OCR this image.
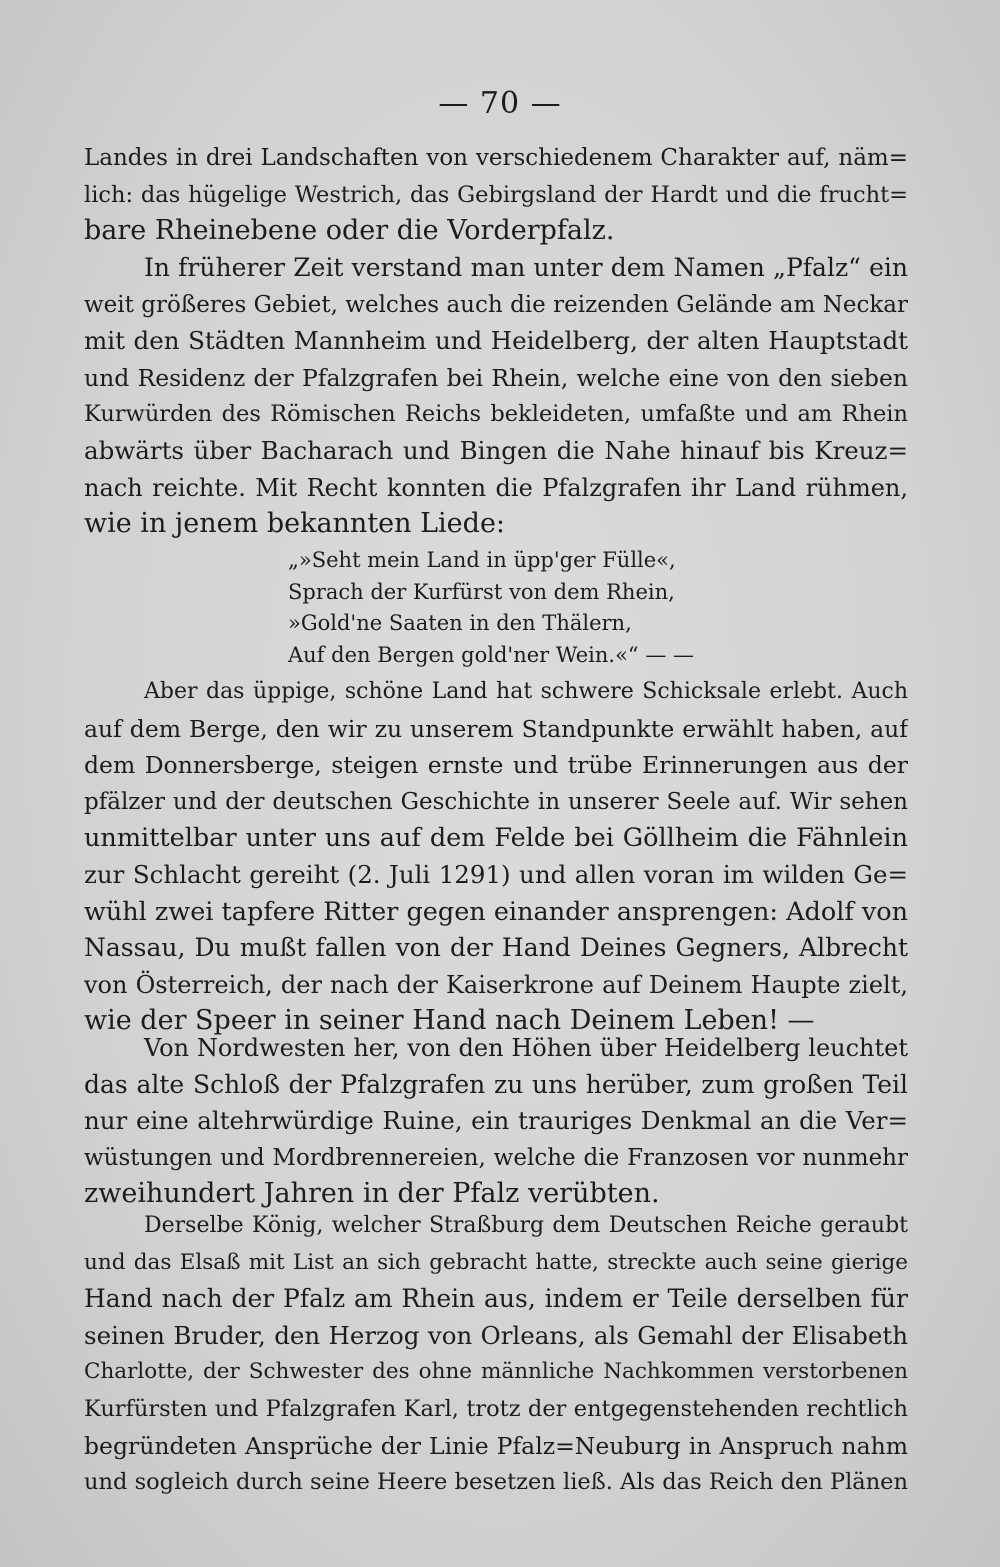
— 70 —
Landes in drei Landschaften von verschiedenem Charakter auf, näm=
lich: das hügelige Westrich, das Gebirgsland der Hardt und die frucht=
bare Rheinebene oder die Vorderpfalz.
In früherer Zeit verstand man unter dem Namen „Pfalz“ ein
weit größeres Gebiet, welches auch die reizenden Gelände am Neckar
mit den Städten Mannheim und Heidelberg, der alten Hauptstadt
und Residenz der Pfalzgrafen bei Rhein, welche eine von den sieben
Kurwürden des Römischen Reichs bekleideten, umfaßte und am Rhein
abwärts über Bacharach und Bingen die Nahe hinauf bis Kreuz=
nach reichte. Mit Recht konnten die Pfalzgrafen ihr Land rühmen,
wie in jenem bekannten Liede:
„»Seht mein Land in üpp'ger Fülle«,
Sprach der Kurfürst von dem Rhein,
»Gold'ne Saaten in den Thälern,
Auf den Bergen gold'ner Wein.«“ — —
Aber das üppige, schöne Land hat schwere Schicksale erlebt. Auch
auf dem Berge, den wir zu unserem Standpunkte erwählt haben, auf
dem Donnersberge, steigen ernste und trübe Erinnerungen aus der
pfälzer und der deutschen Geschichte in unserer Seele auf. Wir sehen
unmittelbar unter uns auf dem Felde bei Göllheim die Fähnlein
zur Schlacht gereiht (2. Juli 1291) und allen voran im wilden Ge=
wühl zwei tapfere Ritter gegen einander ansprengen: Adolf von
Nassau, Du mußt fallen von der Hand Deines Gegners, Albrecht
von Österreich, der nach der Kaiserkrone auf Deinem Haupte zielt,
wie der Speer in seiner Hand nach Deinem Leben! —
Von Nordwesten her, von den Höhen über Heidelberg leuchtet
das alte Schloß der Pfalzgrafen zu uns herüber, zum großen Teil
nur eine altehrwürdige Ruine, ein trauriges Denkmal an die Ver=
wüstungen und Mordbrennereien, welche die Franzosen vor nunmehr
zweihundert Jahren in der Pfalz verübten.
Derselbe König, welcher Straßburg dem Deutschen Reiche geraubt
und das Elsaß mit List an sich gebracht hatte, streckte auch seine gierige
Hand nach der Pfalz am Rhein aus, indem er Teile derselben für
seinen Bruder, den Herzog von Orleans, als Gemahl der Elisabeth
Charlotte, der Schwester des ohne männliche Nachkommen verstorbenen
Kurfürsten und Pfalzgrafen Karl, trotz der entgegenstehenden rechtlich
begründeten Ansprüche der Linie Pfalz=Neuburg in Anspruch nahm
und sogleich durch seine Heere besetzen ließ. Als das Reich den Plänen
